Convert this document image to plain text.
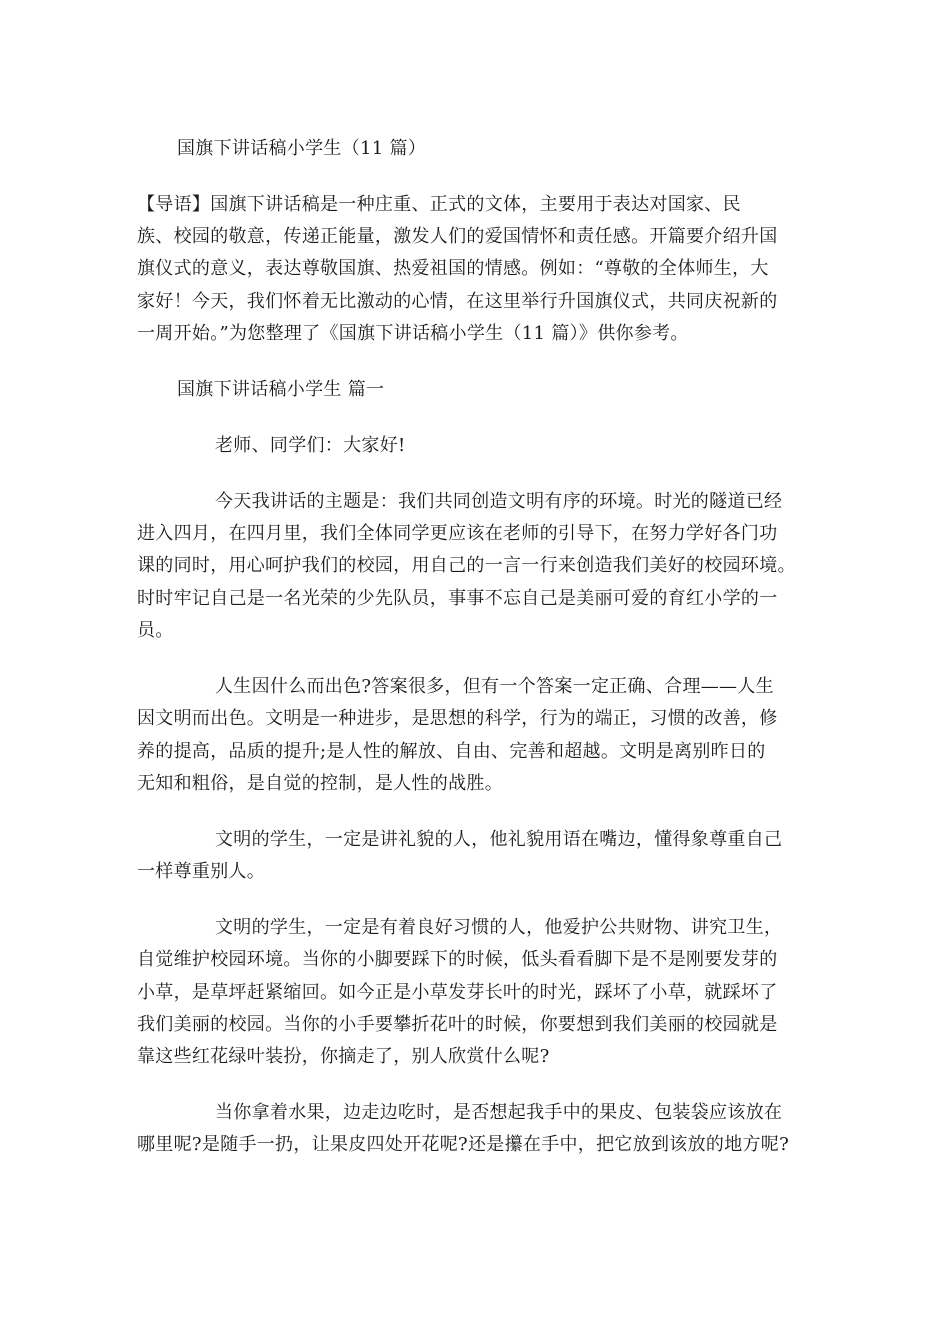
国旗下讲话稿小学生（11 篇）
【导语】国旗下讲话稿是一种庄重、正式的文体，主要用于表达对国家、民
族、校园的敬意，传递正能量，激发人们的爱国情怀和责任感。开篇要介绍升国
旗仪式的意义，表达尊敬国旗、热爱祖国的情感。例如：“尊敬的全体师生，大
家好！今天，我们怀着无比激动的心情，在这里举行升国旗仪式，共同庆祝新的
一周开始。”为您整理了《国旗下讲话稿小学生（11 篇）》供你参考。
国旗下讲话稿小学生 篇一
老师、同学们：大家好!
今天我讲话的主题是：我们共同创造文明有序的环境。时光的隧道已经
进入四月，在四月里，我们全体同学更应该在老师的引导下，在努力学好各门功
课的同时，用心呵护我们的校园，用自己的一言一行来创造我们美好的校园环境。
时时牢记自己是一名光荣的少先队员，事事不忘自己是美丽可爱的育红小学的一
员。
人生因什么而出色?答案很多，但有一个答案一定正确、合理——人生
因文明而出色。文明是一种进步，是思想的科学，行为的端正，习惯的改善，修
养的提高，品质的提升;是人性的解放、自由、完善和超越。文明是离别昨日的
无知和粗俗，是自觉的控制，是人性的战胜。
文明的学生，一定是讲礼貌的人，他礼貌用语在嘴边，懂得象尊重自己
一样尊重别人。
文明的学生，一定是有着良好习惯的人，他爱护公共财物、讲究卫生，
自觉维护校园环境。当你的小脚要踩下的时候，低头看看脚下是不是刚要发芽的
小草，是草坪赶紧缩回。如今正是小草发芽长叶的时光，踩坏了小草，就踩坏了
我们美丽的校园。当你的小手要攀折花叶的时候，你要想到我们美丽的校园就是
靠这些红花绿叶装扮，你摘走了，别人欣赏什么呢?
当你拿着水果，边走边吃时，是否想起我手中的果皮、包装袋应该放在
哪里呢?是随手一扔，让果皮四处开花呢?还是攥在手中，把它放到该放的地方呢?
